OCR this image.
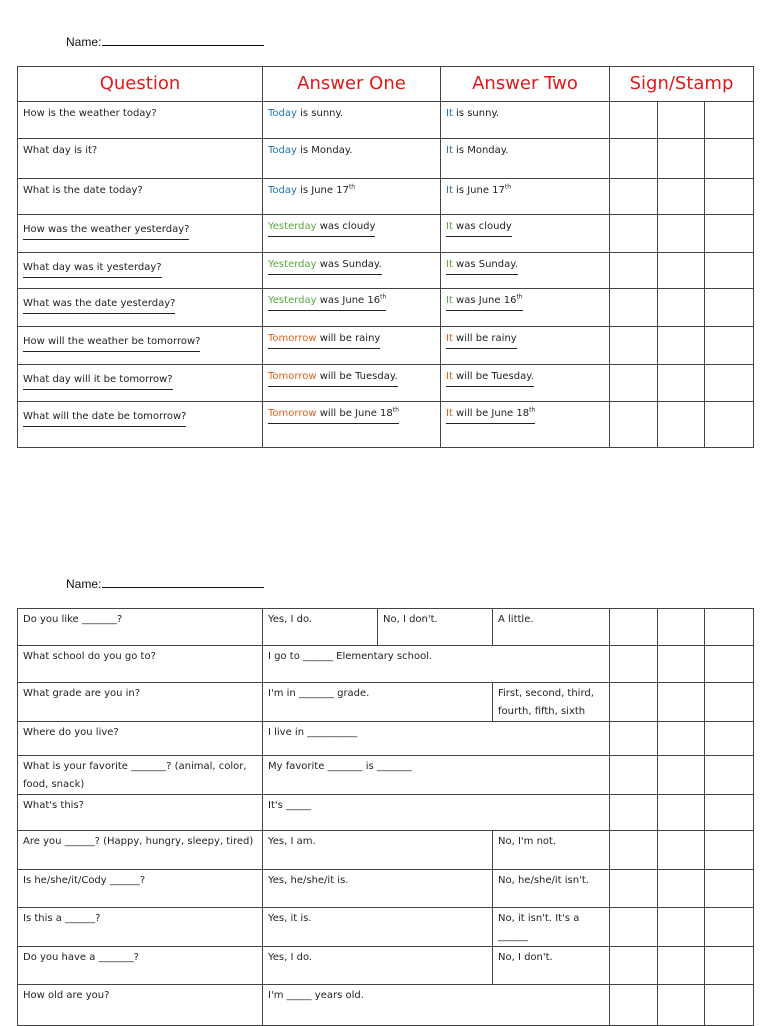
Name:
Question	Answer One	Answer Two	Sign/Stamp		

How is the weather today?	Today is sunny.	It is sunny.			

What day is it?	Today is Monday.	It is Monday.			

What is the date today?	Today is June 17th	It is June 17th			
How was the weather yesterday?	Yesterday was cloudy	It was cloudy			
What day was it yesterday?	Yesterday was Sunday.	It was Sunday.			
What was the date yesterday?	Yesterday was June 16th	It was June 16th			
How will the weather be tomorrow?	Tomorrow will be rainy	It will be rainy			
What day will it be tomorrow?	Tomorrow will be Tuesday.	It will be Tuesday.			
What will the date be tomorrow?	Tomorrow will be June 18th	It will be June 18th			
Name:
Do you like _______?	Yes, I do.	No, I don't.	A little.			

What school do you go to?	I go to ______ Elementary school.					

What grade are you in?	I'm in _______ grade.		First, second, third, fourth, fifth, sixth			

Where do you live?	I live in __________					

What is your favorite _______? (animal, color, food, snack)	My favorite _______ is _______					

What's this?	It's _____					

Are you ______? (Happy, hungry, sleepy, tired)	Yes, I am.		No, I'm not.			

Is he/she/it/Cody ______?	Yes, he/she/it is.		No, he/she/it isn't.			

Is this a ______?	Yes, it is.		No, it isn't. It's a ______			

Do you have a _______?	Yes, I do.		No, I don't.			

How old are you?	I'm _____ years old.					
